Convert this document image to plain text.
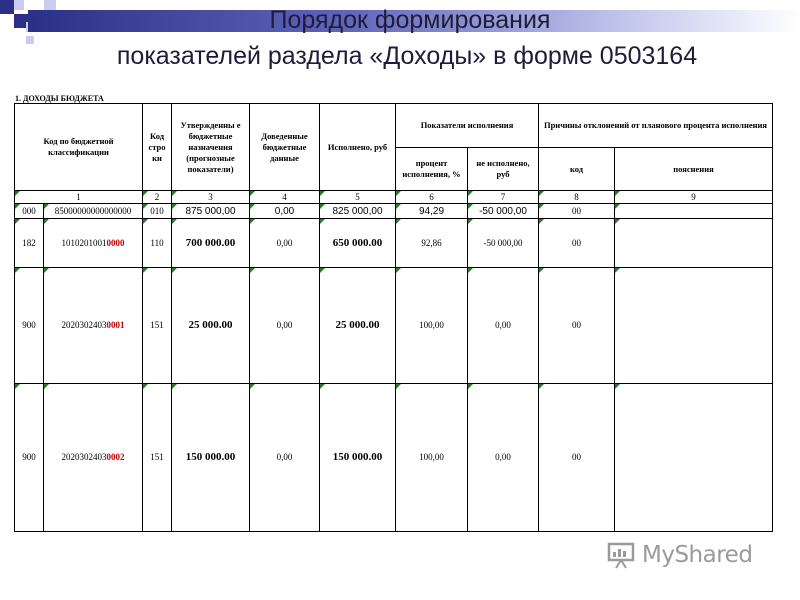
Порядок формирования
показателей раздела «Доходы» в форме 0503164
1. ДОХОДЫ БЮДЖЕТА
Код по бюджетной классификации		Код стро ки	Утвержденны е бюджетные назначения (прогнозные показатели)	Доведенные бюджетные данные	Исполнено, руб	Показатели исполнения		Причины отклонений от планового процента исполнения	
						процент исполнения, %	не исполнено, руб	код	пояснения
1		2	3	4	5	6	7	8	9
000	85000000000000000	010	875 000,00	0,00	825 000,00	94,29	-50 000,00	00	
182	10102010010000	110	700 000.00	0,00	650 000.00	92,86	-50 000,00	00	
900	20203024030001	151	25 000.00	0,00	25 000.00	100,00	0,00	00	
900	20203024030002	151	150 000.00	0,00	150 000.00	100,00	0,00	00	
MyShared
